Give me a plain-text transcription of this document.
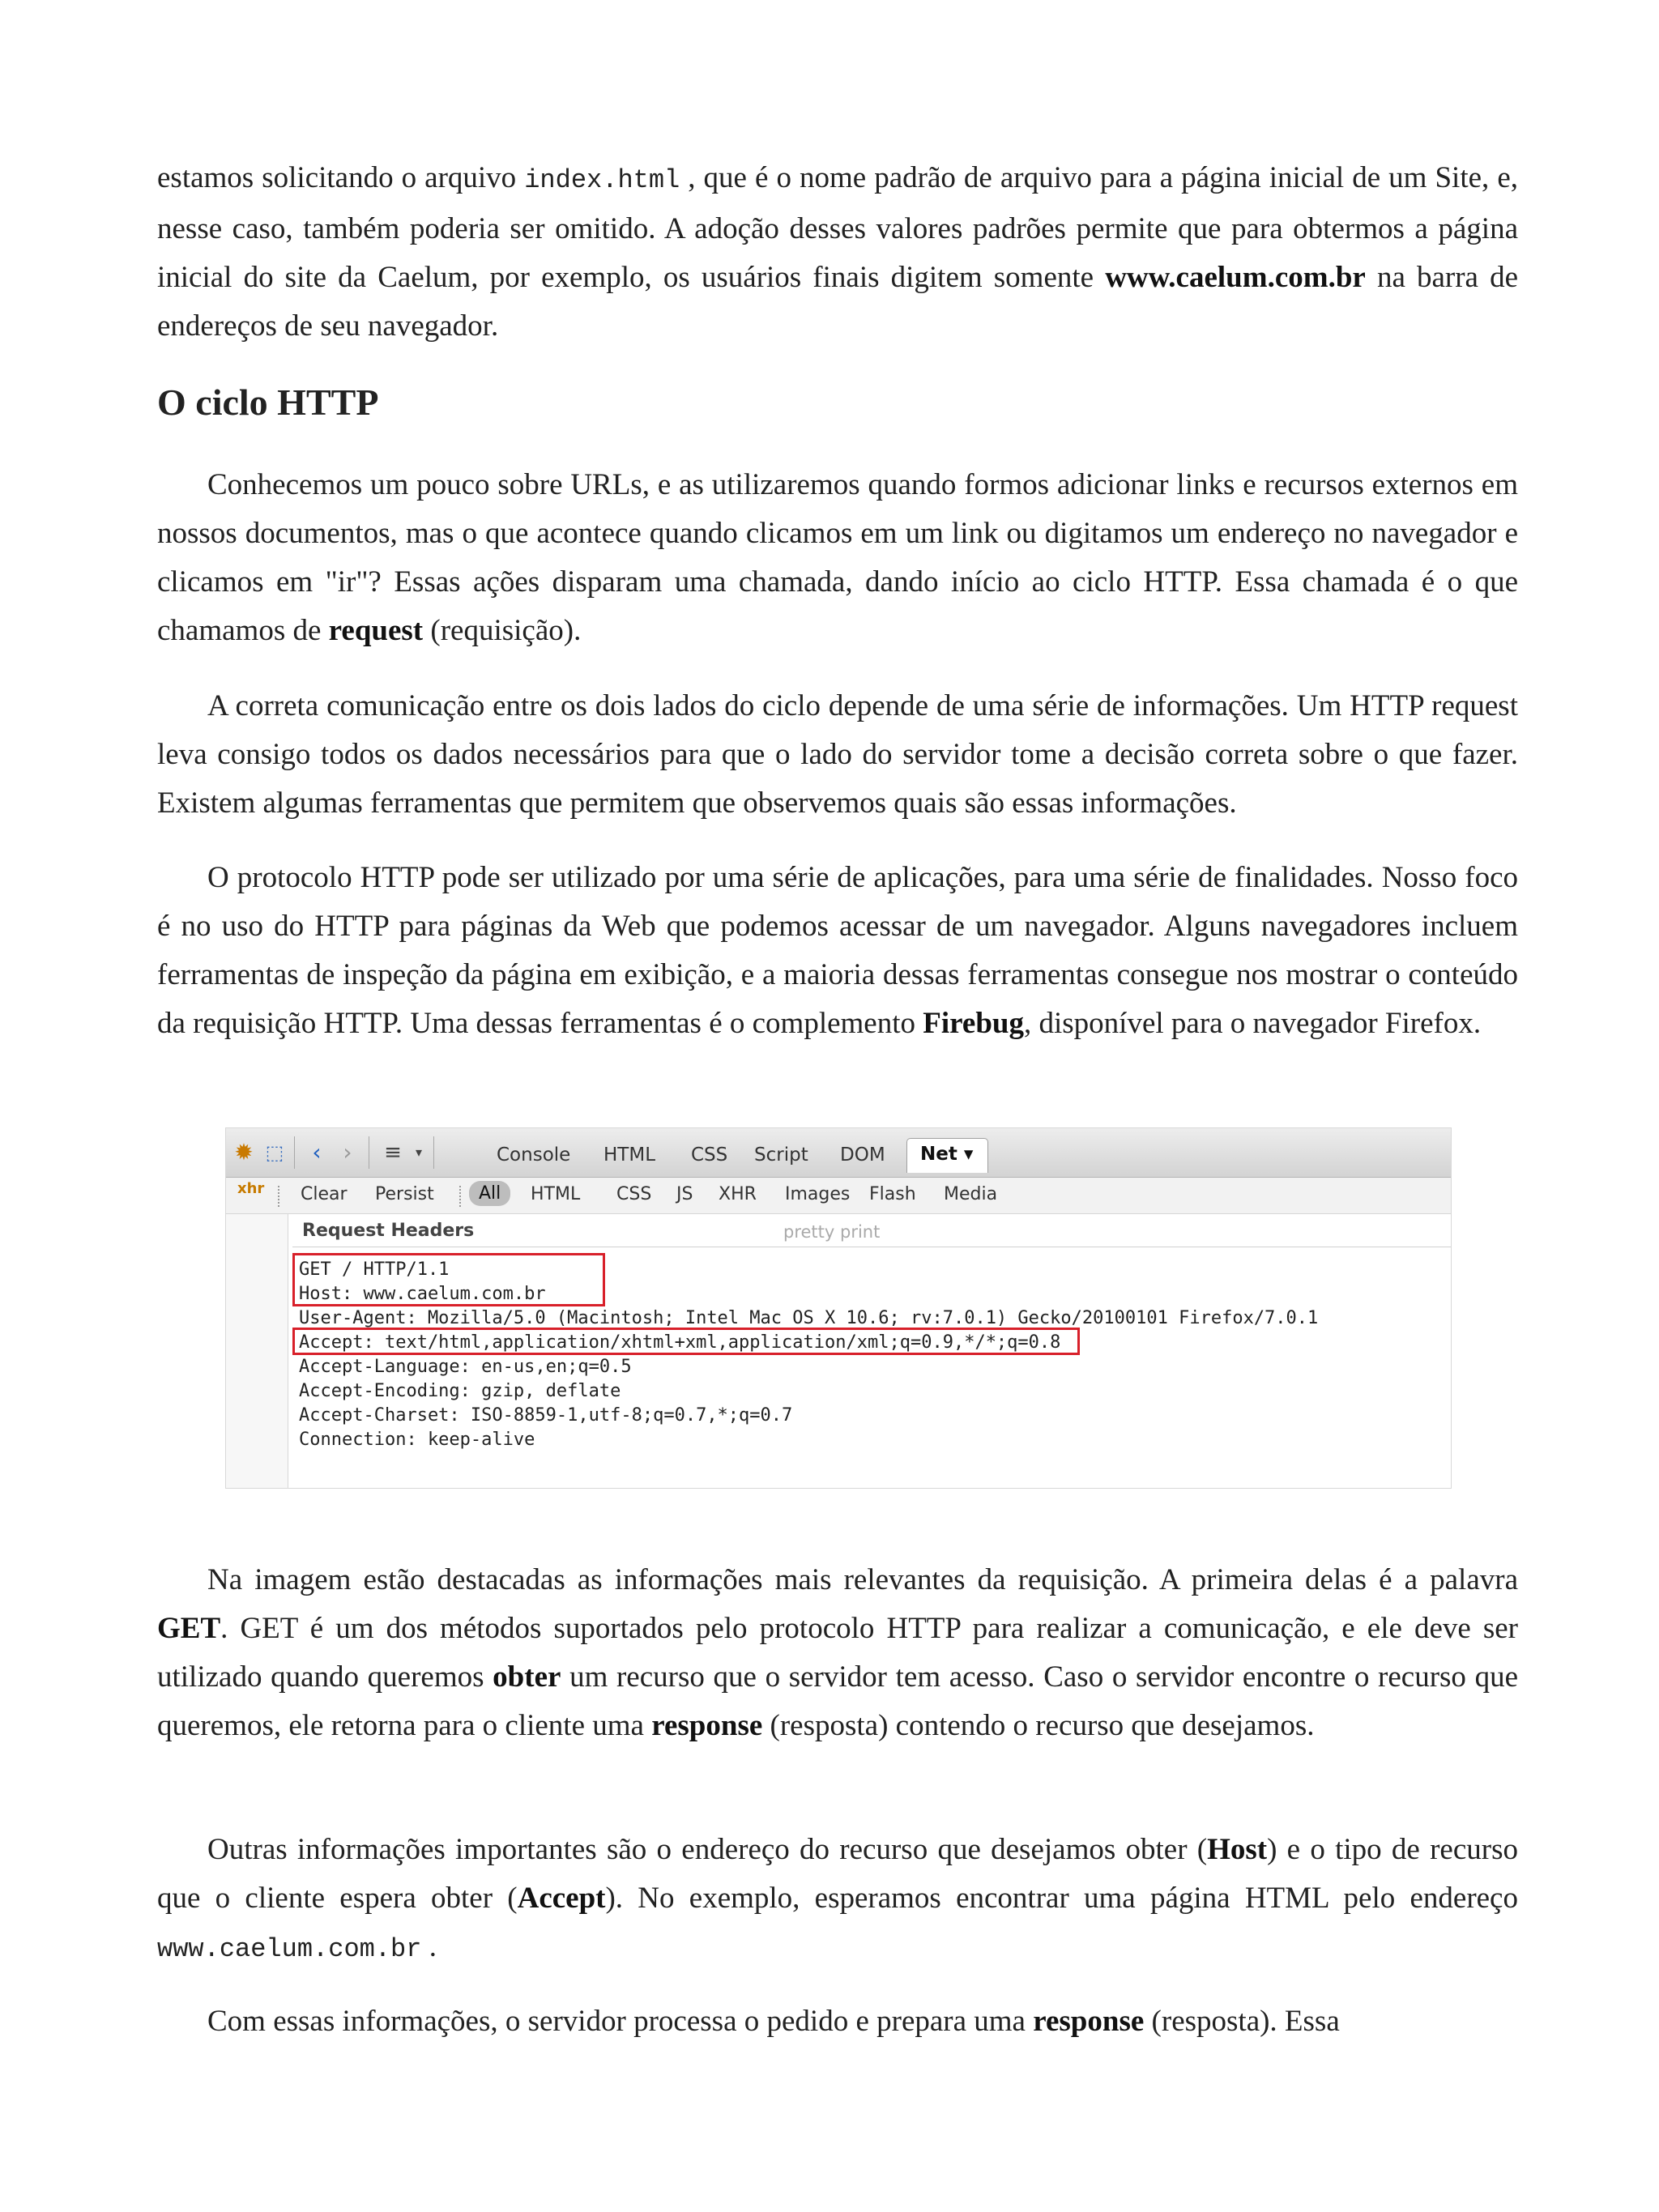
estamos solicitando o arquivo index.html , que é o nome padrão de arquivo para a página inicial de um Site, e, nesse caso, também poderia ser omitido. A adoção desses valores padrões permite que para obtermos a página inicial do site da Caelum, por exemplo, os usuários finais digitem somente www.caelum.com.br na barra de endereços de seu navegador.

O ciclo HTTP

Conhecemos um pouco sobre URLs, e as utilizaremos quando formos adicionar links e recursos externos em nossos documentos, mas o que acontece quando clicamos em um link ou digitamos um endereço no navegador e clicamos em "ir"? Essas ações disparam uma chamada, dando início ao ciclo HTTP. Essa chamada é o que chamamos de request (requisição).

A correta comunicação entre os dois lados do ciclo depende de uma série de informações. Um HTTP request leva consigo todos os dados necessários para que o lado do servidor tome a decisão correta sobre o que fazer. Existem algumas ferramentas que permitem que observemos quais são essas informações.

O protocolo HTTP pode ser utilizado por uma série de aplicações, para uma série de finalidades. Nosso foco é no uso do HTTP para páginas da Web que podemos acessar de um navegador. Alguns navegadores incluem ferramentas de inspeção da página em exibição, e a maioria dessas ferramentas consegue nos mostrar o conteúdo da requisição HTTP. Uma dessas ferramentas é o complemento Firebug, disponível para o navegador Firefox.

✹ ⬚	‹ ›	≡	▾	Console HTML CSS Script DOM	Net ▾
xhr Clear Persist	All	HTML CSS JS XHR Images Flash Media
Request Headers	pretty print
GET / HTTP/1.1
Host: www.caelum.com.br
User-Agent: Mozilla/5.0 (Macintosh; Intel Mac OS X 10.6; rv:7.0.1) Gecko/20100101 Firefox/7.0.1
Accept: text/html,application/xhtml+xml,application/xml;q=0.9,*/*;q=0.8
Accept-Language: en-us,en;q=0.5
Accept-Encoding: gzip, deflate
Accept-Charset: ISO-8859-1,utf-8;q=0.7,*;q=0.7
Connection: keep-alive

Na imagem estão destacadas as informações mais relevantes da requisição. A primeira delas é a palavra GET. GET é um dos métodos suportados pelo protocolo HTTP para realizar a comunicação, e ele deve ser utilizado quando queremos obter um recurso que o servidor tem acesso. Caso o servidor encontre o recurso que queremos, ele retorna para o cliente uma response (resposta) contendo o recurso que desejamos.

Outras informações importantes são o endereço do recurso que desejamos obter (Host) e o tipo de recurso que o cliente espera obter (Accept). No exemplo, esperamos encontrar uma página HTML pelo endereço www.caelum.com.br .

Com essas informações, o servidor processa o pedido e prepara uma response (resposta). Essa
